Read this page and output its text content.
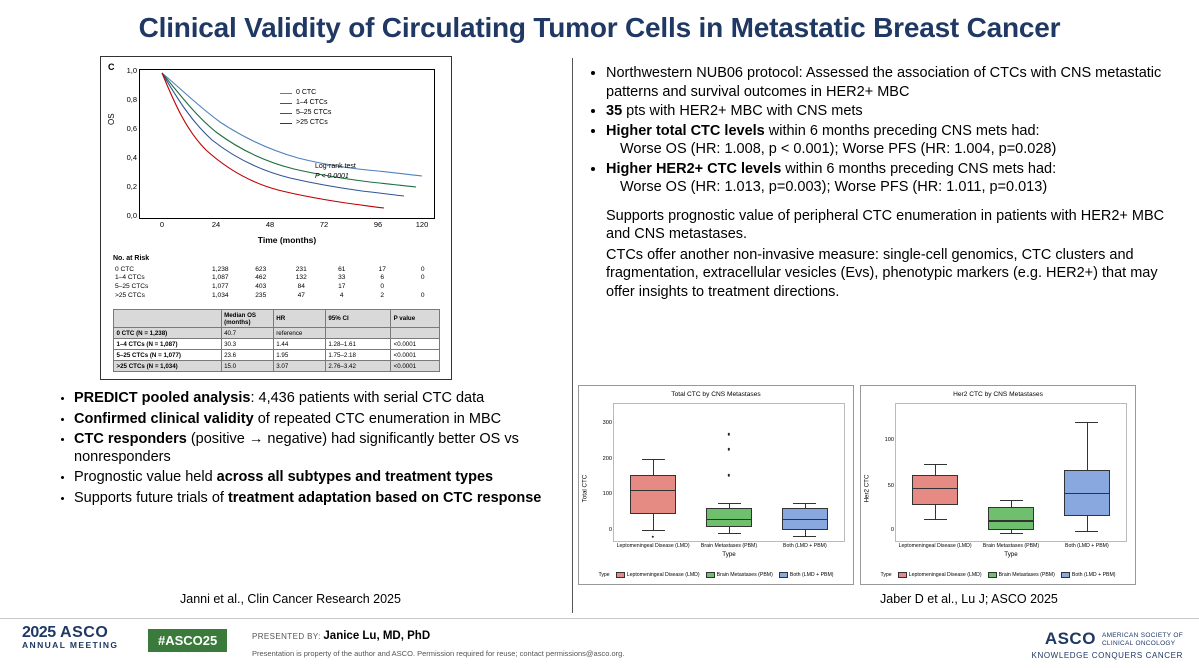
Clinical Validity of Circulating Tumor Cells in Metastatic Breast Cancer
C
OS
1,0
0,8
0,6
0,4
0,2
0,0
0	24	48	72	96	120
0 CTC
1–4 CTCs
5–25 CTCs
>25 CTCs
Log-rank test
P < 0.0001
Time (months)
No. at Risk
0 CTC	1,238	623	231	61	17	0
1–4 CTCs	1,087	462	132	33	6	0
5–25 CTCs	1,077	403	84	17	0	
>25 CTCs	1,034	235	47	4	2	0
	Median OS (months)	HR	95% CI	P value
0 CTC (N = 1,238)	40.7	reference		
1–4 CTCs (N = 1,087)	30.3	1.44	1.28–1.61	<0.0001
5–25 CTCs (N = 1,077)	23.6	1.95	1.75–2.18	<0.0001
>25 CTCs (N = 1,034)	15.0	3.07	2.76–3.42	<0.0001
• PREDICT pooled analysis: 4,436 patients with serial CTC data
• Confirmed clinical validity of repeated CTC enumeration in MBC
• CTC responders (positive → negative) had significantly better OS vs nonresponders
• Prognostic value held across all subtypes and treatment types
• Supports future trials of treatment adaptation based on CTC response
Janni et al., Clin Cancer Research 2025
• Northwestern NUB06 protocol: Assessed the association of CTCs with CNS metastatic patterns and survival outcomes in HER2+ MBC
• 35 pts with HER2+ MBC with CNS mets
• Higher total CTC levels within 6 months preceding CNS mets had:
Worse OS (HR: 1.008, p < 0.001); Worse PFS (HR: 1.004, p=0.028)
• Higher HER2+ CTC levels within 6 months preceding CNS mets had:
Worse OS (HR: 1.013, p=0.003); Worse PFS (HR: 1.011, p=0.013)

Supports prognostic value of peripheral CTC enumeration in patients with HER2+ MBC and CNS metastases.

CTCs offer another non-invasive measure: single-cell genomics, CTC clusters and fragmentation, extracellular vesicles (Evs), phenotypic markers (e.g. HER2+) that may offer insights to treatment directions.

Total CTC by CNS Metastases
Total CTC
300
200
100
0
Leptomeningeal Disease (LMD) Brain Metastases (PBM)	Both (LMD + PBM)
Type
Type	Leptomeningeal Disease (LMD)	Brain Metastases (PBM)	Both (LMD + PBM)
Her2 CTC by CNS Metastases
Her2 CTC
100
50
0
Leptomeningeal Disease (LMD) Brain Metastases (PBM)	Both (LMD + PBM)
Type
Type	Leptomeningeal Disease (LMD)	Brain Metastases (PBM)	Both (LMD + PBM)
Jaber D et al., Lu J; ASCO 2025
2025 ASCO
ANNUAL MEETING	#ASCO25	PRESENTED BY: Janice Lu, MD, PhD
Presentation is property of the author and ASCO. Permission required for reuse; contact permissions@asco.org.
ASCO AMERICAN SOCIETY OF
CLINICAL ONCOLOGY
KNOWLEDGE CONQUERS CANCER
